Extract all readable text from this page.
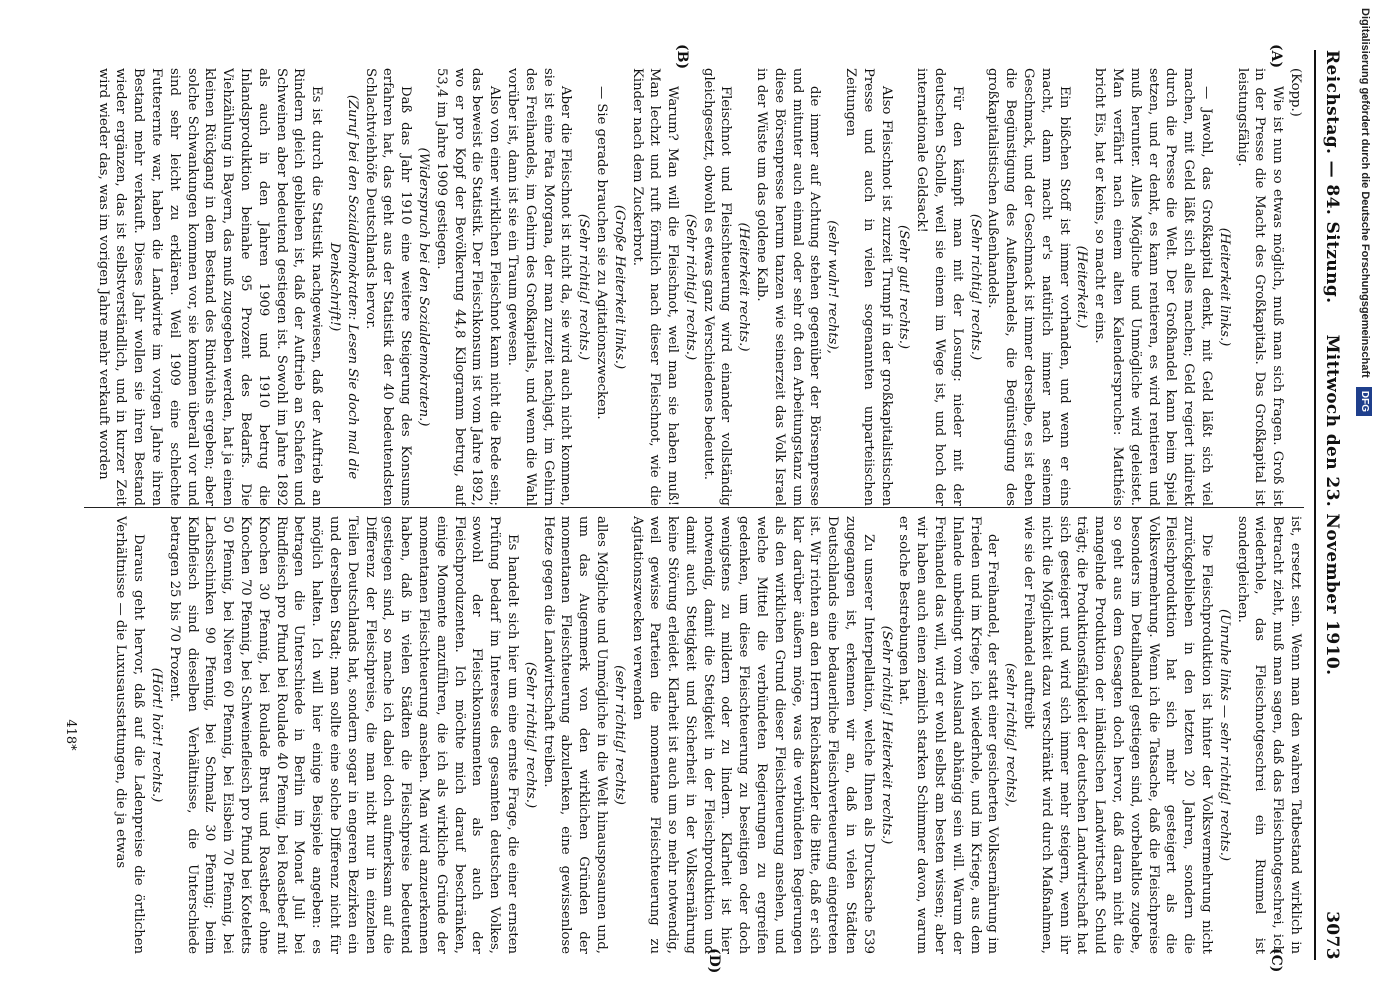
Reichstag. — 84. Sitzung.
Mittwoch den 23. November 1910.
3073
(A)
(B)
(C)
(D)

(Kopp.)

Wie ist nun so etwas möglich, muß man sich fragen. Groß ist in der Presse die Macht des Großkapitals. Das Großkapital ist leistungsfähig.

(Heiterkeit links.)

— Jawohl, das Großkapital denkt, mit Geld läßt sich viel machen, mit Geld läßt sich alles machen; Geld regiert indirekt durch die Presse die Welt. Der Großhandel kann beim Spiel setzen, und er denkt, es kann rentieren, es wird rentieren und muß herunter. Alles Mögliche und Unmögliche wird geleistet. Man verfährt nach einem alten Kalenderspruche: Matthéis bricht Eis, hat er keins, so macht er eins.

(Heiterkeit.)

Ein bißchen Stoff ist immer vorhanden, und wenn er eins macht, dann macht er's natürlich immer nach seinem Geschmack, und der Geschmack ist immer derselbe, es ist eben die Begünstigung des Außenhandels, die Begünstigung des großkapitalistischen Außenhandels.

(Sehr richtig! rechts.)

Für den kämpft man mit der Losung: nieder mit der deutschen Scholle, weil sie einem im Wege ist, und hoch der internationale Geldsack!

(Sehr gut! rechts.)

Also Fleischnot ist zurzeit Trumpf in der großkapitalistischen Presse und auch in vielen sogenannten unparteiischen Zeitungen

(sehr wahr! rechts),

die immer auf Achtung stehen gegenüber der Börsenpresse und mitunter auch einmal oder sehr oft den Arbeitungstanz um diese Börsenpresse herum tanzen wie seinerzeit das Volk Israel in der Wüste um das goldene Kalb.

(Heiterkeit rechts.)

Fleischnot und Fleischteuerung wird einander vollständig gleichgesetzt, obwohl es etwas ganz Verschiedenes bedeutet.

(Sehr richtig! rechts.)

Warum? Man will die Fleischnot, weil man sie haben muß! Man lechzt und ruft förmlich nach dieser Fleischnot, wie die Kinder nach dem Zuckerbrot.

(Große Heiterkeit links.)

— Sie gerade brauchen sie zu Agitationszwecken.

(Sehr richtig! rechts.)

Aber die Fleischnot ist nicht da, sie wird auch nicht kommen, sie ist eine Fata Morgana, der man zurzeit nachjagt, im Gehirn des Freihandels, im Gehirn des Großkapitals, und wenn die Wahl vorüber ist, dann ist sie ein Traum gewesen.

Also von einer wirklichen Fleischnot kann nicht die Rede sein; das beweist die Statistik. Der Fleischkonsum ist vom Jahre 1892, wo er pro Kopf der Bevölkerung 44,8 Kilogramm betrug, auf 53,4 im Jahre 1909 gestiegen.

(Widerspruch bei den Sozialdemokraten.)

Daß das Jahr 1910 eine weitere Steigerung des Konsums erfahren hat, das geht aus der Statistik der 40 bedeutendsten Schlachtviehhöfe Deutschlands hervor.

(Zuruf bei den Sozialdemokraten: Lesen Sie doch mal die Denkschrift!)

Es ist durch die Statistik nachgewiesen, daß der Auftrieb an Rindern gleich geblieben ist, daß der Auftrieb an Schafen und Schweinen aber bedeutend gestiegen ist. Sowohl im Jahre 1892 als auch in den Jahren 1909 und 1910 betrug die Inlandsproduktion beinahe 95 Prozent des Bedarfs. Die Viehzählung in Bayern, das muß zugegeben werden, hat ja einen kleinen Rückgang in dem Bestand des Rindviehs ergeben; aber solche Schwankungen kommen vor, sie kommen überall vor und sind sehr leicht zu erklären. Weil 1909 eine schlechte Futterernte war, haben die Landwirte im vorigen Jahre ihren Bestand mehr verkauft. Dieses Jahr wollen sie ihren Bestand wieder ergänzen, das ist selbstverständlich, und in kurzer Zeit wird wieder das, was im vorigen Jahre mehr verkauft worden

ist, ersetzt sein. Wenn man den wahren Tatbestand wirklich in Betracht zieht, muß man sagen, daß das Fleischnotgeschrei, ich wiederhole, das Fleischnotgeschrei ein Rummel ist sondergleichen.

(Unruhe links — sehr richtig! rechts.)

Die Fleischproduktion ist hinter der Volksvermehrung nicht zurückgeblieben in den letzten 20 Jahren, sondern die Fleischproduktion hat sich mehr gesteigert als die Volksvermehrung. Wenn ich die Tatsache, daß die Fleischpreise besonders im Detailhandel gestiegen sind, vorbehaltlos zugebe, so geht aus dem Gesagten doch hervor, daß daran nicht die mangelnde Produktion der inländischen Landwirtschaft Schuld trägt; die Produktionsfähigkeit der deutschen Landwirtschaft hat sich gesteigert und wird sich immer mehr steigern, wenn ihr nicht die Möglichkeit dazu verschränkt wird durch Maßnahmen, wie sie der Freihandel auftreibt

(sehr richtig! rechts),

der Freihandel, der statt einer gesicherten Volksernährung im Frieden und im Kriege, ich wiederhole, und im Kriege, aus dem Inlande unbedingt vom Ausland abhängig sein will. Warum der Freihandel das will, wird er wohl selbst am besten wissen; aber wir haben auch einen ziemlich starken Schimmer davon, warum er solche Bestrebungen hat.

(Sehr richtig! Heiterkeit rechts.)

Zu unserer Interpellation, welche Ihnen als Drucksache 539 zugegangen ist, erkennen wir an, daß in vielen Städten Deutschlands eine bedauerliche Fleischverteuerung eingetreten ist. Wir richten an den Herrn Reichskanzler die Bitte, daß er sich klar darüber äußern möge, was die verbündeten Regierungen als den wirklichen Grund dieser Fleischteuerung ansehen, und welche Mittel die verbündeten Regierungen zu ergreifen gedenken, um diese Fleischteuerung zu beseitigen oder doch wenigstens zu mildern oder zu lindern. Klarheit ist hier notwendig, damit die Stetigkeit in der Fleischproduktion und damit auch Stetigkeit und Sicherheit in der Volksernährung keine Störung erleidet. Klarheit ist auch um so mehr notwendig, weil gewisse Parteien die momentane Fleischteuerung zu Agitationszwecken verwenden

(sehr richtig! rechts)

alles Mögliche und Unmögliche in die Welt hinausposaunen und, um das Augenmerk von den wirklichen Gründen der momentanen Fleischteuerung abzulenken, eine gewissenlose Hetze gegen die Landwirtschaft treiben.

(Sehr richtig! rechts.)

Es handelt sich hier um eine ernste Frage, die einer ernsten Prüfung bedarf im Interesse des gesamten deutschen Volkes, sowohl der Fleischkonsumenten als auch der Fleischproduzenten. Ich möchte mich darauf beschränken, einige Momente anzuführen, die ich als wirkliche Gründe der momentanen Fleischteuerung ansehen. Man wird anzuerkennen haben, daß in vielen Städten die Fleischpreise bedeutend gestiegen sind, so mache ich dabei doch aufmerksam auf die Differenz der Fleischpreise, die man nicht nur in einzelnen Teilen Deutschlands hat, sondern sogar in engeren Bezirken ein und derselben Stadt; man sollte eine solche Differenz nicht für möglich halten. Ich will hier einige Beispiele angeben: es betragen die Unterschiede in Berlin im Monat Juli bei Rindfleisch pro Pfund bei Roulade 40 Pfennig, bei Roastbeef mit Knochen 30 Pfennig, bei Roulade Brust und Roastbeef ohne Knochen 70 Pfennig, bei Schweinefleisch pro Pfund bei Koteletts 50 Pfennig, bei Nieren 60 Pfennig, bei Eisbein 70 Pfennig, bei Lachsschinken 90 Pfennig, bei Schmalz 30 Pfennig; beim Kalbfleisch sind dieselben Verhältnisse, die Unterschiede betragen 25 bis 70 Prozent.

(Hört! hört! rechts.)

Daraus geht hervor, daß auf die Ladenpreise die örtlichen Verhältnisse — die Luxusausstattungen, die ja etwas

418*
Digitalisierung gefördert durch die Deutsche Forschungsgemeinschaft DFG
